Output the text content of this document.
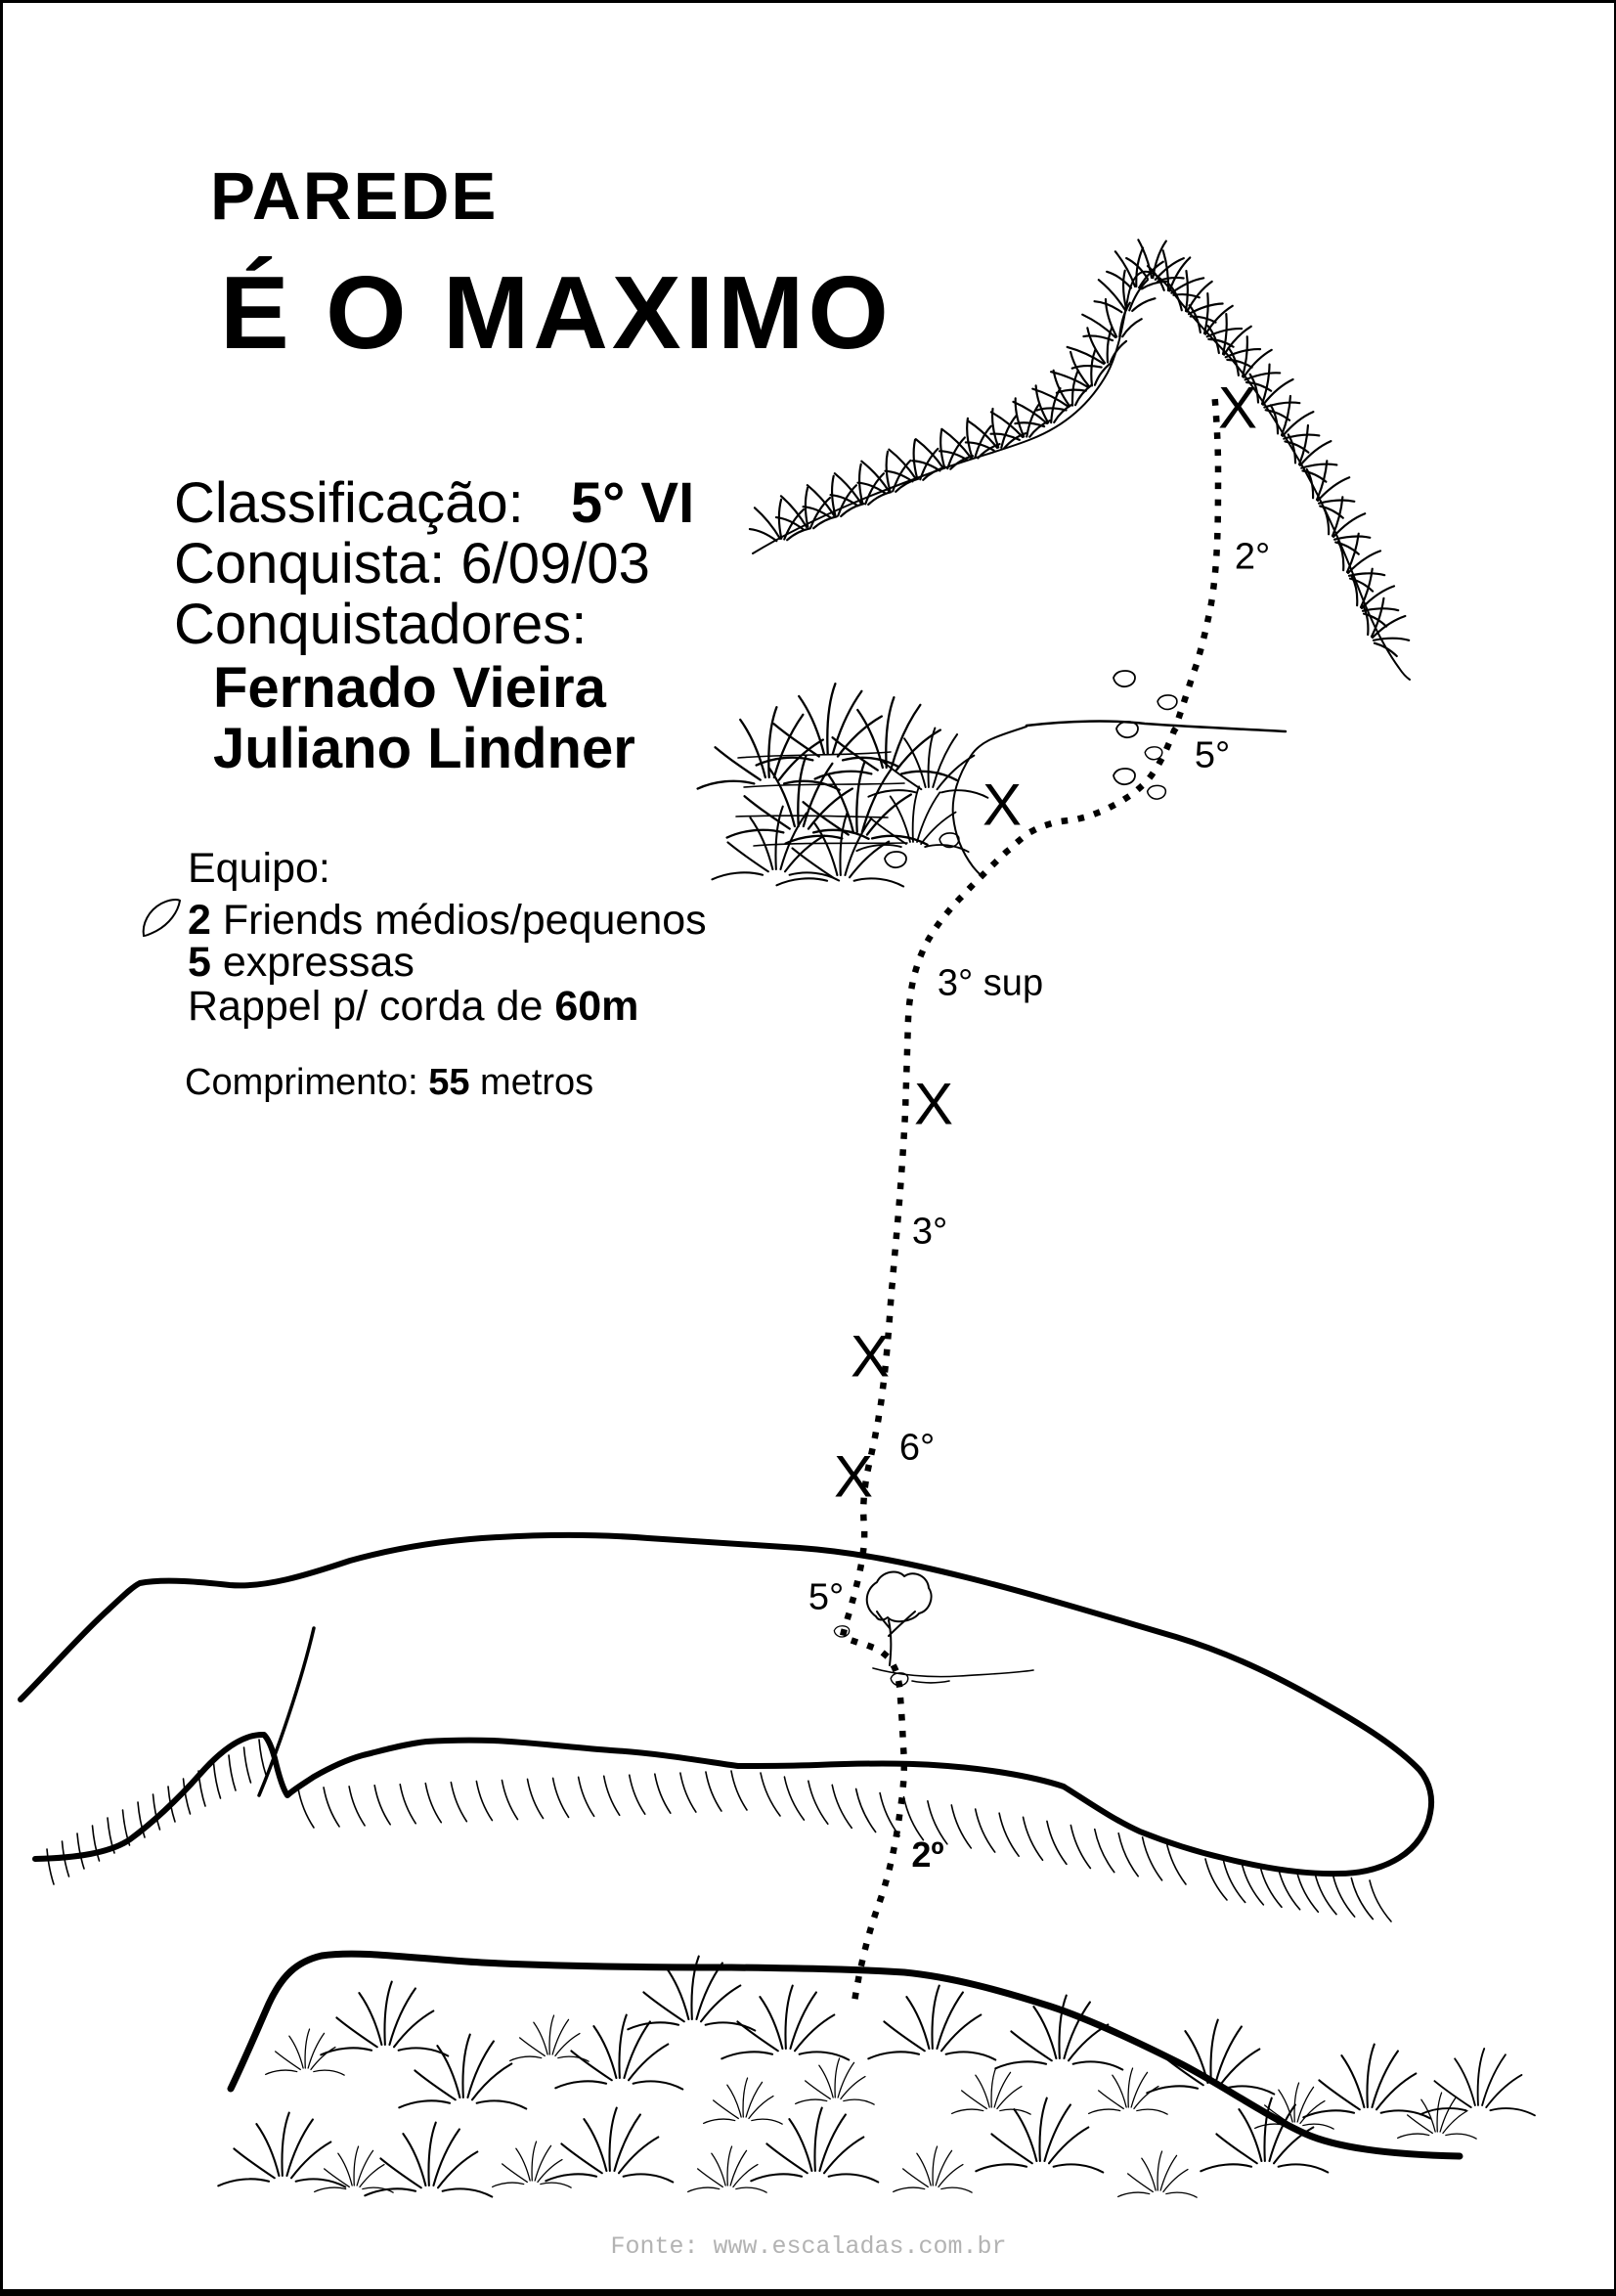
PAREDE
É O MAXIMO
Classificação: 5° VI
Conquista: 6/09/03
Conquistadores:
Fernado Vieira
Juliano Lindner
Equipo:
2 Friends médios/pequenos
5 expressas
Rappel p/ corda de 60m
Comprimento: 55 metros
X
X
X
X
X
2°
5°
3° sup
3°
6°
5°
2º
Fonte: www.escaladas.com.br
